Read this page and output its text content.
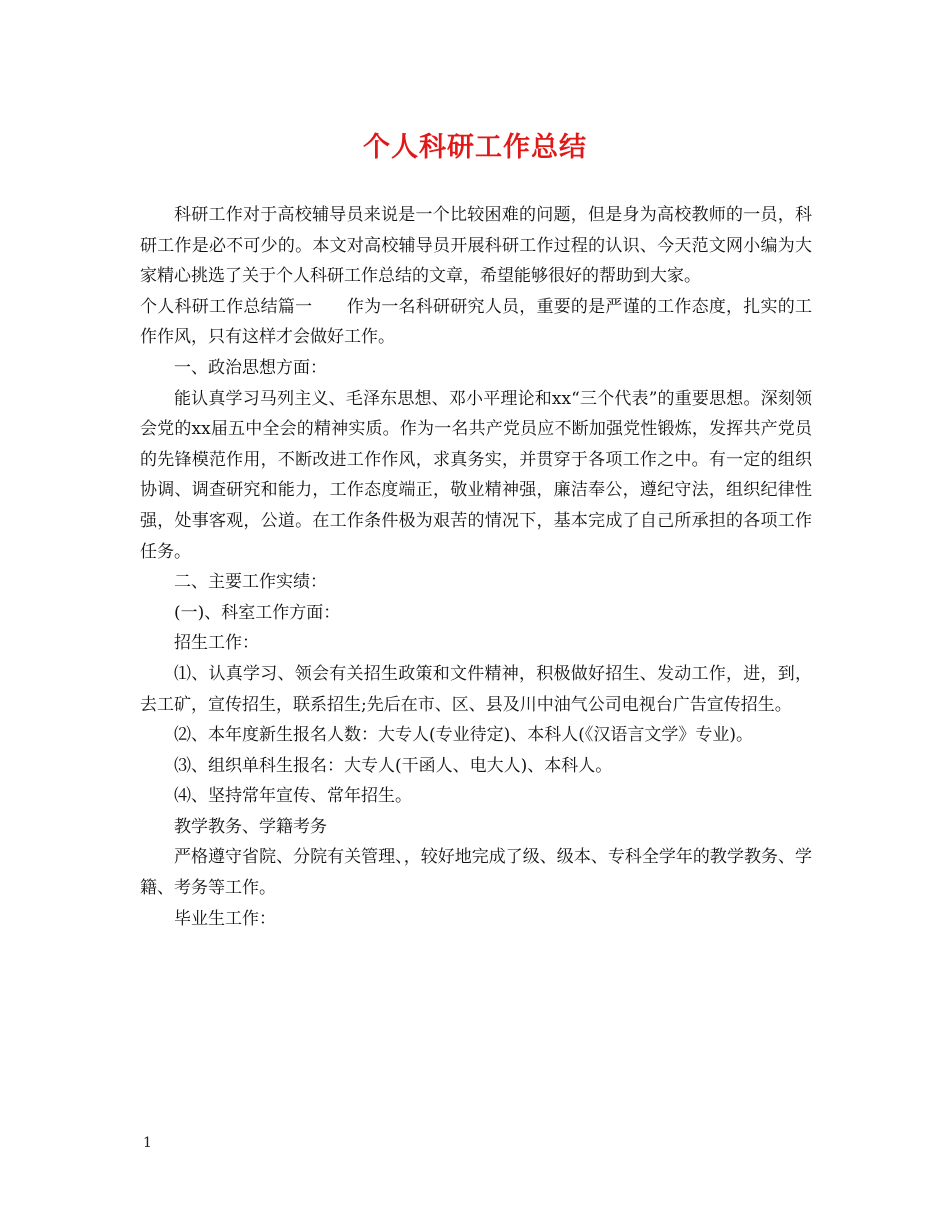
个人科研工作总结

科研工作对于高校辅导员来说是一个比较困难的问题，但是身为高校教师的一员，科研工作是必不可少的。本文对高校辅导员开展科研工作过程的认识、今天范文网小编为大家精心挑选了关于个人科研工作总结的文章，希望能够很好的帮助到大家。

个人科研工作总结篇一　　作为一名科研研究人员，重要的是严谨的工作态度，扎实的工作作风，只有这样才会做好工作。

一、政治思想方面：

能认真学习马列主义、毛泽东思想、邓小平理论和xx“三个代表”的重要思想。深刻领会党的xx届五中全会的精神实质。作为一名共产党员应不断加强党性锻炼，发挥共产党员的先锋模范作用，不断改进工作作风，求真务实，并贯穿于各项工作之中。有一定的组织协调、调查研究和能力，工作态度端正，敬业精神强，廉洁奉公，遵纪守法，组织纪律性强，处事客观，公道。在工作条件极为艰苦的情况下，基本完成了自己所承担的各项工作任务。

二、主要工作实绩：

(一)、科室工作方面：

招生工作：

⑴、认真学习、领会有关招生政策和文件精神，积极做好招生、发动工作，进，到，去工矿，宣传招生，联系招生;先后在市、区、县及川中油气公司电视台广告宣传招生。

⑵、本年度新生报名人数：大专人(专业待定)、本科人(《汉语言文学》专业)。

⑶、组织单科生报名：大专人(干函人、电大人)、本科人。

⑷、坚持常年宣传、常年招生。

教学教务、学籍考务

严格遵守省院、分院有关管理、，较好地完成了级、级本、专科全学年的教学教务、学籍、考务等工作。

毕业生工作：

1
